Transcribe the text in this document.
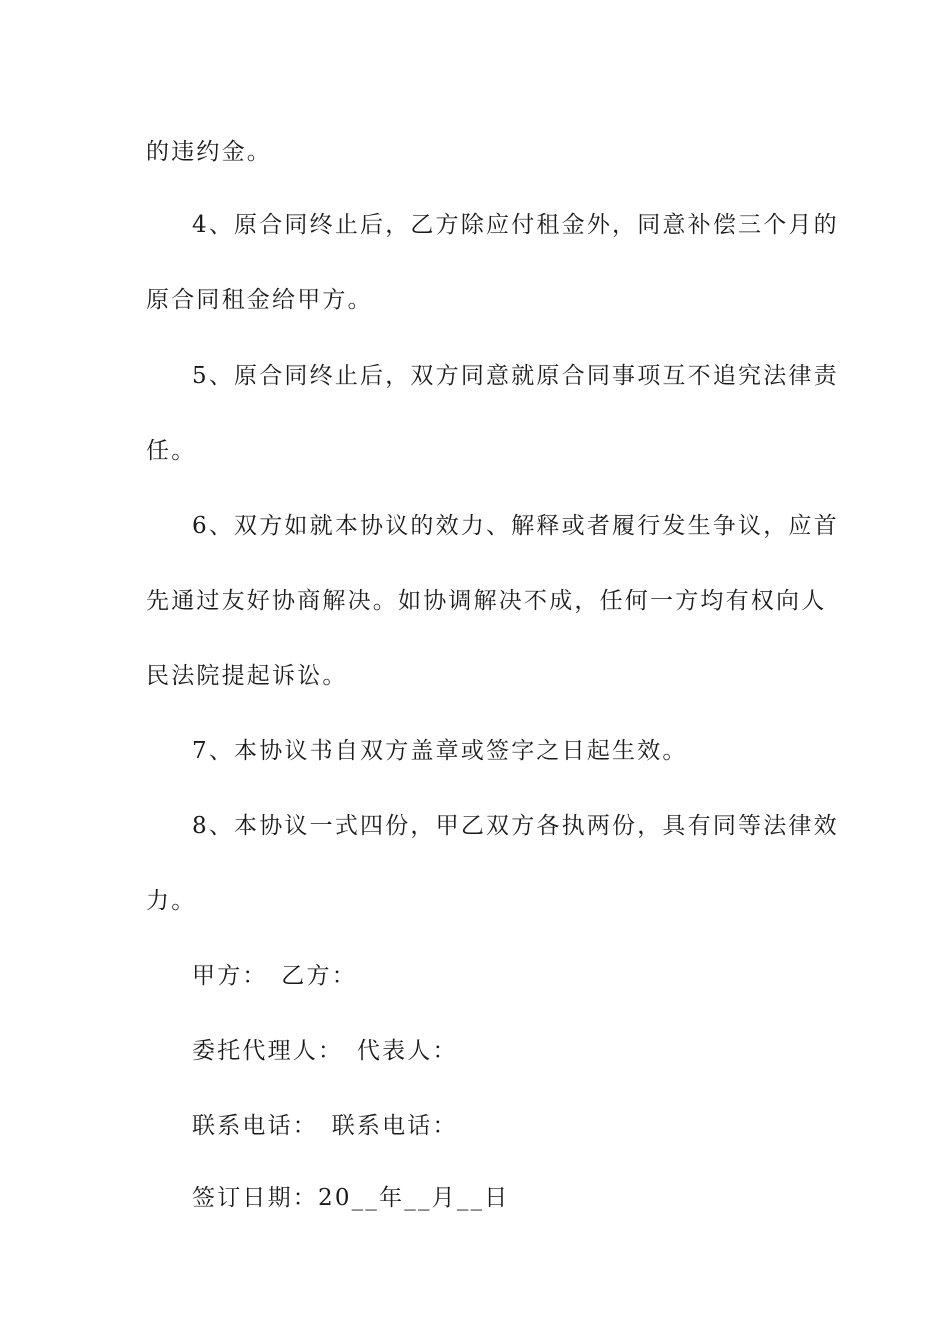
的违约金。
4、原合同终止后，乙方除应付租金外，同意补偿三个月的
原合同租金给甲方。
5、原合同终止后，双方同意就原合同事项互不追究法律责
任。
6、双方如就本协议的效力、解释或者履行发生争议，应首
先通过友好协商解决。如协调解决不成，任何一方均有权向人
民法院提起诉讼。
7、本协议书自双方盖章或签字之日起生效。
8、本协议一式四份，甲乙双方各执两份，具有同等法律效
力。
甲方：　乙方：
委托代理人：　代表人：
联系电话：　联系电话：
签订日期：20__年__月__日
